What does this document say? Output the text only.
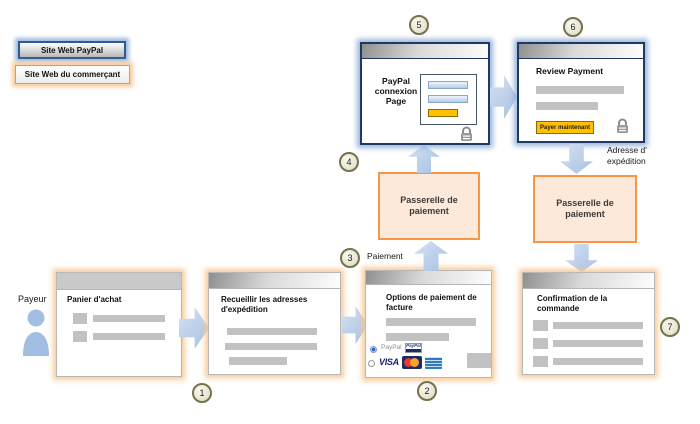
Site Web PayPal
Site Web du commerçant
Payeur	Panier d'achat	Recueillir les adresses d'expédition
Options de paiement de facture
PayPal PayPal
VISA
Paiement
Passerelle de paiement
PayPal connexion Page
Review Payment
Payer maintenant
Adresse d'
expédition
Passerelle de paiement
Confirmation de la commande
1	2
3
4
5	6
7
